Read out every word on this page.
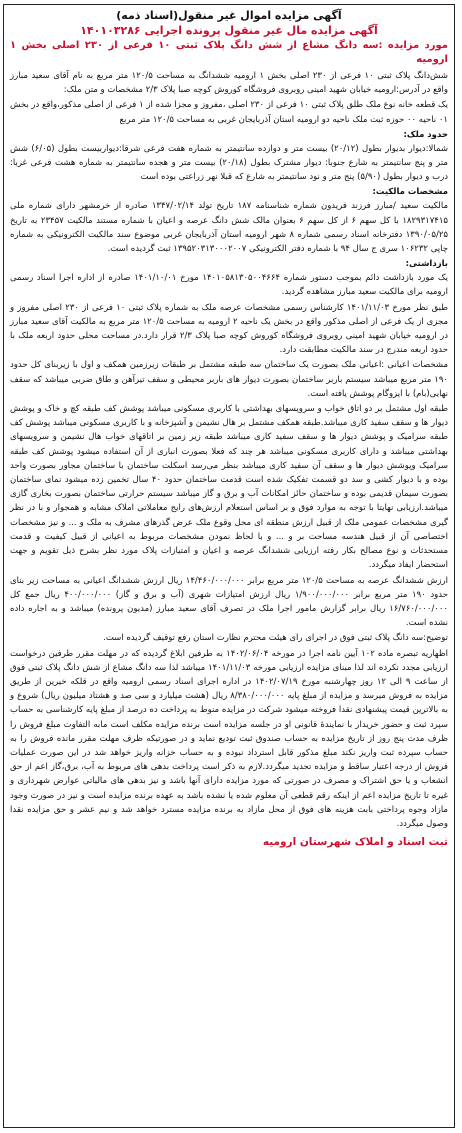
آگهی مزایده اموال غیر منقول(اسناد ذمه)

آگهی مزایده مال غیر منقول پرونده اجرایی ۱۴۰۱۰۳۲۸۶

مورد مزایده :سه دانگ مشاع از شش دانگ پلاک ثبتی ۱۰ فرعی از ۲۳۰ اصلی بخش ۱ ارومیه

شش‌دانگ پلاک ثبتی ۱۰ فرعی از ۲۳۰ اصلی بخش ۱ ارومیه ششدانگ به مساحت ۱۲۰/۵ متر مربع به نام آقای سعید مبارز واقع در آدرس:ارومیه خیابان شهید امینی روبروی فروشگاه کوروش کوچه صبا پلاک ۲/۳ مشخصات و متن ملک:

یک قطعه خانه نوع ملک طلق پلاک ثبتی ۱۰ فرعی از ۲۳۰ اصلی ،مفروز و مجزا شده از ۱ فرعی از اصلی مذکور،واقع در بخش ۰۱ ناحیه ۰۰ حوزه ثبت ملک ناحیه دو ارومیه استان آذربایجان غربی به مساحت ۱۲۰/۵ متر مربع

حدود ملک:

شمالا:دیوار بدیوار بطول (۲۰/۱۲) بیست متر و دوازده سانتیمتر به شماره هفت فرعی شرقا:دیواربیست بطول (۶/۰۵) شش متر و پنج سانتیمتر به شارع جنوبا: دیوار مشترک بطول (۲۰/۱۸) بیست متر و هجده سانتیمتر به شماره هشت فرعی غربا: درب و دیوار بطول (۵/۹۰) پنج متر و نود سانتیمتر به شارع که قبلا نهر زراعتی بوده است

مشخصات مالکیت:

مالکیت سعید /مبارز فرزند فریدون شماره شناسنامه ۱۸۷ تاریخ تولد ۱۳۴۷/۰۲/۱۴ صادره از خرمشهر دارای شماره ملی ۱۸۲۹۳۱۷۴۱۵ با کل سهم ۶ از کل سهم ۶ بعنوان مالک شش دانگ عرصه و اعیان با شماره مستند مالکیت ۲۳۴۵۷ به تاریخ ۱۳۹۰/۰۵/۲۵ دفترخانه اسناد رسمی شماره ۸ شهر ارومیه استان آذربایجان غربی موضوع سند مالکیت الکترونیکی به شماره چاپی ۱۰۶۲۳۲ سری ج سال ۹۴ با شماره دفتر الکترونیکی ۱۳۹۵۲۰۳۱۳۰۰۰۲۰۰۷ ثبت گردیده است.

بازداشتی:

یک مورد بازداشت دائم بموجب دستور شماره ۱۴۰۱۰۵۸۱۳۰۵۰۰۴۶۶۴ مورخ ۱۴۰۱/۱۰/۰۱ صادره از اداره اجرا اسناد رسمی ارومیه برای مالکیت سعید مبارز مشاهده گردید.

طبق نظر مورخ ۱۴۰۱/۱۱/۰۳ کارشناس رسمی مشخصات عرصه ملک به شماره پلاک ثبتی ۱۰ فرعی از ۲۳۰ اصلی مفروز و مجزی از یک فرعی از اصلی مذکور واقع در بخش یک ناحیه ۲ ارومیه به مساحت ۱۲۰/۵ متر مربع به مالکیت آقای سعید مبارز در ارومیه خیابان شهید امینی روبروی فروشگاه کوروش کوچه صبا پلاک ۲/۳ قرار دارد.در مساحت محلی حدود اربعه ملک با حدود اربعه مندرج در سند مالکیت مطابقت دارد.

مشخصات اعیانی :اعیانی ملک بصورت یک ساختمان سه طبقه مشتمل بر طبقات زیرزمین همکف و اول با زیربنای کل حدود ۱۹۰ متر مربع میباشد سیستم باربر ساختمان بصورت دیوار های باربر محیطی و سقف تیرآهن و طاق ضربی میباشد که سقف نهایی(بام) با ایزوگام پوشش یافته است.

طبقه اول مشتمل بر دو اتاق خواب و سرویسهای بهداشتی با کاربری مسکونی میباشد پوشش کف طبقه کچ و خاک و پوشش دیوار ها و سقف سفید کاری میباشد.طبقه همکف مشتمل بر هال نشیمن و آشپزخانه و با کاربری مسکونی میباشد پوشش کف طبقه سرامیک و پوشش دیوار ها و سقف سفید کاری میباشد طبقه زیر زمین بر اتاقهای خواب هال نشیمن و سرویسهای بهداشتی میباشد و دارای کاربری مسکونی میباشد هر چند که فعلا بصورت انباری از آن استفاده میشود پوشش کف طبقه سرامیک وپوشش دیوار ها و سقف آن سفید کاری میباشد بنظر می‌رسد اسکلت ساختمان با ساختمان مجاور بصورت واحد بوده و با دیوار کشی و سد دو قسمت تفکیک شده است قدمت ساختمان حدود ۴۰ سال تخمین زده میشود نمای ساختمان بصورت سیمان قدیمی بوده و ساختمان حائز امکانات آب و برق و گاز میباشد سیستم حرارتی ساختمان بصورت بخاری گازی میباشد.ارزیابی نهایتا با توجه به موارد فوق و بر اساس استعلام ارزش‌های رایج معاملاتی املاک مشابه و همجوار و با در نظر گیری مشخصات عمومی ملک از قبیل ارزش منطقه ای محل وقوع ملک عرض گذرهای مشرف به ملک و ... و نیز مشخصات اختصاصی آن از قبیل هندسه مساحت بر و ... و با لحاظ نمودن مشخصات مربوط به اعیانی از قبیل کیفیت و قدمت مستحدثات و نوع مصالح بکار رفته ارزیابی ششدانگ عرصه و اعیان و امتیازات پلاک مورد نظر بشرح ذیل تقویم و جهت استحضار ایفاد میگردد.

ارزش ششدانگ عرصه به مساحت ۱۲۰/۵ متر مربع برابر ۱۴/۴۶۰/۰۰۰/۰۰۰ ریال ارزش ششدانگ اعیانی به مساحت زیر بنای حدود ۱۹۰ متر مربع برابر ۱/۹۰۰/۰۰۰/۰۰۰ ریال ارزش امتیازات شهری (آب و برق و گاز) ۴۰۰/۰۰۰/۰۰۰ ریال جمع کل ۱۶/۷۶۰/۰۰۰/۰۰۰ ریال برابر گزارش مامور اجرا ملک در تصرف آقای سعید مبارز (مدیون پرونده) میباشد و به اجاره داده نشده است.

توضیح:سه دانگ پلاک ثبتی فوق در اجرای رای هیئت محترم نظارت استان رفع توقیف گردیده است.

اظهاریه تبصره ماده ۱۰۲ آیین نامه اجرا در مورخه ۱۴۰۲/۰۶/۰۴ به طرفین ابلاغ گردیده که در مهلت مقرر طرفین درخواست ارزیابی مجدد نکرده اند لذا مبنای مزایده ارزیابی مورخه ۱۴۰۱/۱۱/۰۳ میباشد لذا سه دانگ مشاع از شش دانگ پلاک ثبتی فوق از ساعت ۹ الی ۱۲ روز چهارشنبه مورخ ۱۴۰۲/۰۷/۱۹ در اداره اجرای اسناد رسمی ارومیه واقع در قلکه خیرین از طریق مزایده به فروش میرسد و مزایده از مبلغ پایه ۸/۳۸۰/۰۰۰/۰۰۰ ریال (هشت میلیارد و سی صد و هشتاد میلیون ریال) شروع و به بالاترین قیمت پیشنهادی نقدا فروخته میشود شرکت در مزایده منوط به پرداخت ده درصد از مبلغ پایه کارشناسی به حساب سپرد ثبت و حضور خریدار با نمایندۀ قانونی او در جلسه مزایده است برنده مزایده مکلف است مابه التفاوت مبلغ فروش را ظرف مدت پنج روز از تاریخ مزایده به حساب صندوق ثبت تودیع نماید و در صورتیکه ظرف مهلت مقرر مانده فروش را به حساب سپرده ثبت واریز نکند مبلغ مذکور قابل استرداد نبوده و به حساب خزانه واریز خواهد شد در این صورت عملیات فروش از درجه اعتبار ساقط و مزایده تجدید میگردد.لازم به ذکر است پرداخت بدهی های مربوط به آب، برق،گاز اعم از حق انشعاب و یا حق اشتراک و مصرف در صورتی که مورد مزایده دارای آنها باشد و نیز بدهی های مالیاتی عوارض شهرداری و غیره تا تاریخ مزایده اعم از اینکه رقم قطعی آن معلوم شده یا نشده باشد به عهده برنده مزایده است و نیز در صورت وجود مازاد وجوه پرداختی بابت هزینه های فوق از محل مازاد به برنده مزایده مسترد خواهد شد و نیم عشر و حق مزایده نقدا وصول میگردد.

ثبت اسناد و املاک شهرستان ارومیه
